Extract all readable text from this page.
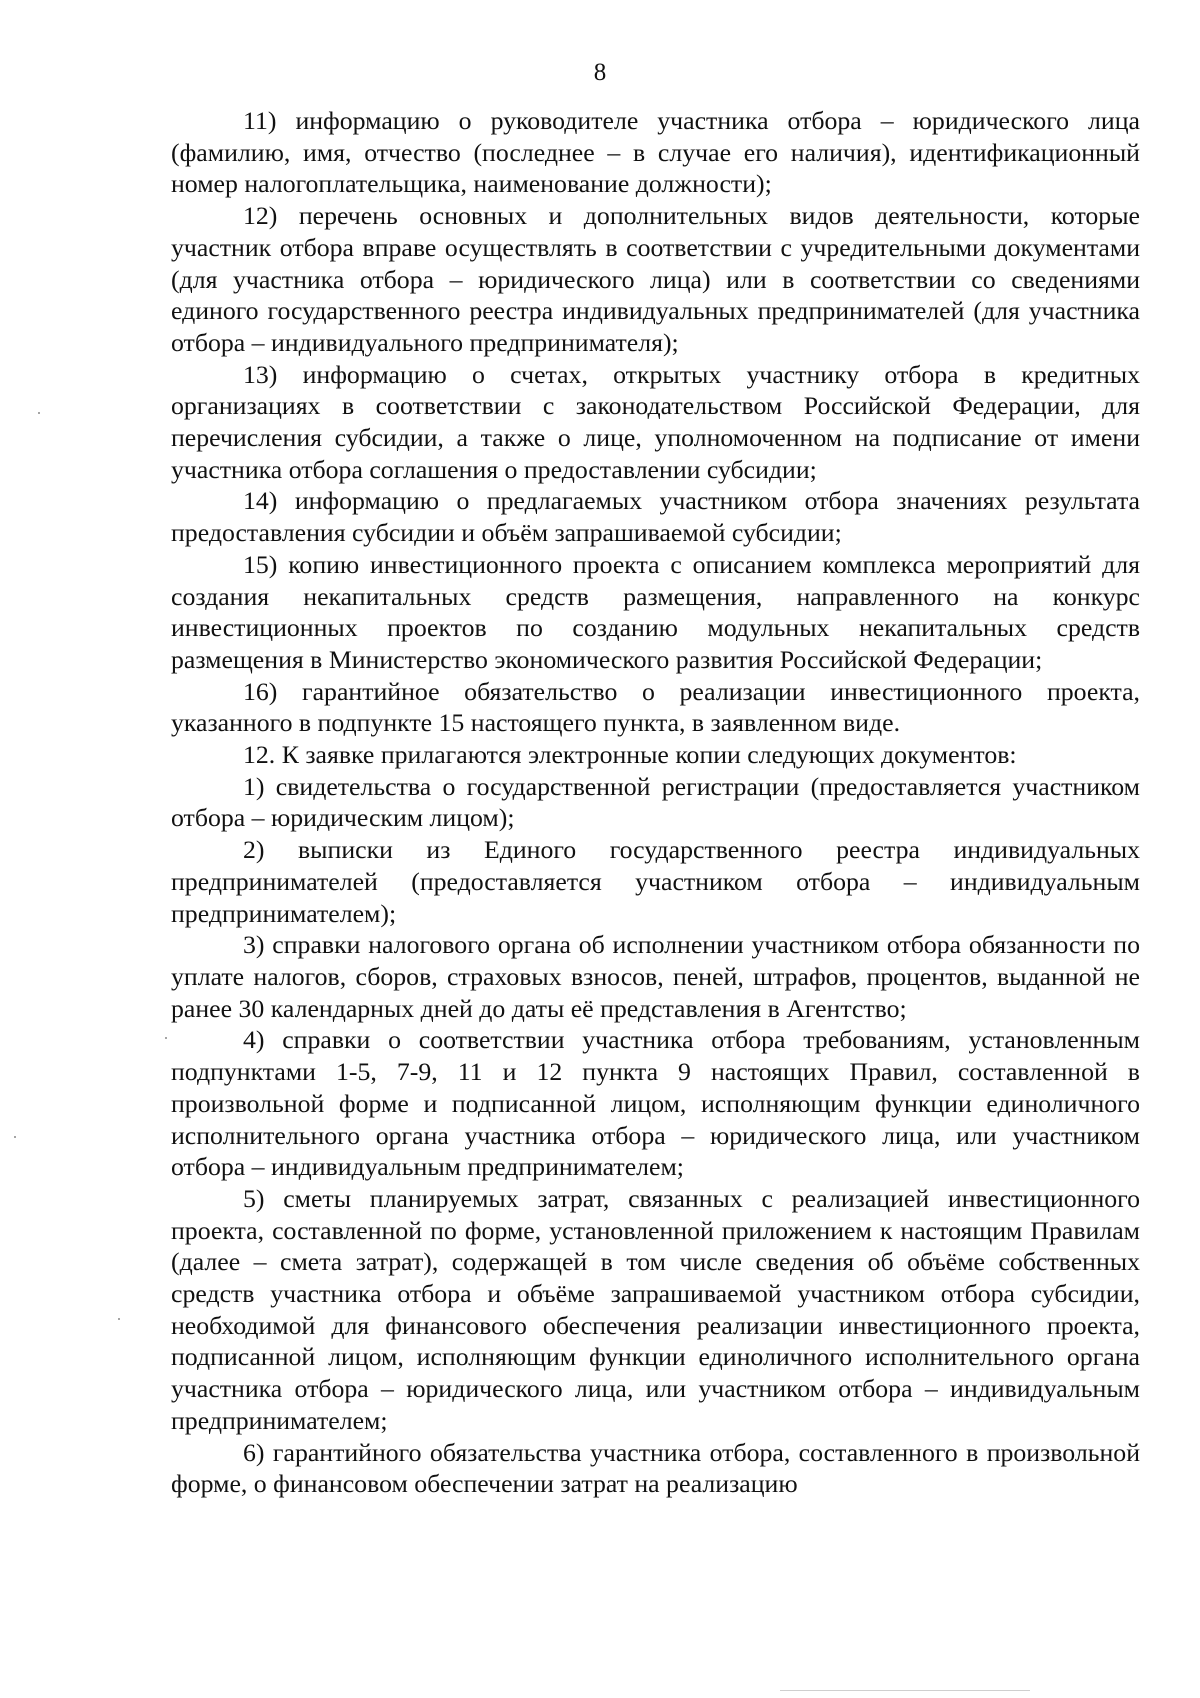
8

11) информацию о руководителе участника отбора – юридического лица (фамилию, имя, отчество (последнее – в случае его наличия), идентификационный номер налогоплательщика, наименование должности);

12) перечень основных и дополнительных видов деятельности, которые участник отбора вправе осуществлять в соответствии с учредительными документами (для участника отбора – юридического лица) или в соответствии со сведениями единого государственного реестра индивидуальных предпринимателей (для участника отбора – индивидуального предпринимателя);

13) информацию о счетах, открытых участнику отбора в кредитных организациях в соответствии с законодательством Российской Федерации, для перечисления субсидии, а также о лице, уполномоченном на подписание от имени участника отбора соглашения о предоставлении субсидии;

14) информацию о предлагаемых участником отбора значениях результата предоставления субсидии и объём запрашиваемой субсидии;

15) копию инвестиционного проекта с описанием комплекса мероприятий для создания некапитальных средств размещения, направленного на конкурс инвестиционных проектов по созданию модульных некапитальных средств размещения в Министерство экономического развития Российской Федерации;

16) гарантийное обязательство о реализации инвестиционного проекта, указанного в подпункте 15 настоящего пункта, в заявленном виде.

12. К заявке прилагаются электронные копии следующих документов:

1) свидетельства о государственной регистрации (предоставляется участником отбора – юридическим лицом);

2) выписки из Единого государственного реестра индивидуальных предпринимателей (предоставляется участником отбора – индивидуальным предпринимателем);

3) справки налогового органа об исполнении участником отбора обязанности по уплате налогов, сборов, страховых взносов, пеней, штрафов, процентов, выданной не ранее 30 календарных дней до даты её представления в Агентство;

4) справки о соответствии участника отбора требованиям, установленным подпунктами 1-5, 7-9, 11 и 12 пункта 9 настоящих Правил, составленной в произвольной форме и подписанной лицом, исполняющим функции единоличного исполнительного органа участника отбора – юридического лица, или участником отбора – индивидуальным предпринимателем;

5) сметы планируемых затрат, связанных с реализацией инвестиционного проекта, составленной по форме, установленной приложением к настоящим Правилам (далее – смета затрат), содержащей в том числе сведения об объёме собственных средств участника отбора и объёме запрашиваемой участником отбора субсидии, необходимой для финансового обеспечения реализации инвестиционного проекта, подписанной лицом, исполняющим функции единоличного исполнительного органа участника отбора – юридического лица, или участником отбора – индивидуальным предпринимателем;

6) гарантийного обязательства участника отбора, составленного в произвольной форме, о финансовом обеспечении затрат на реализацию
